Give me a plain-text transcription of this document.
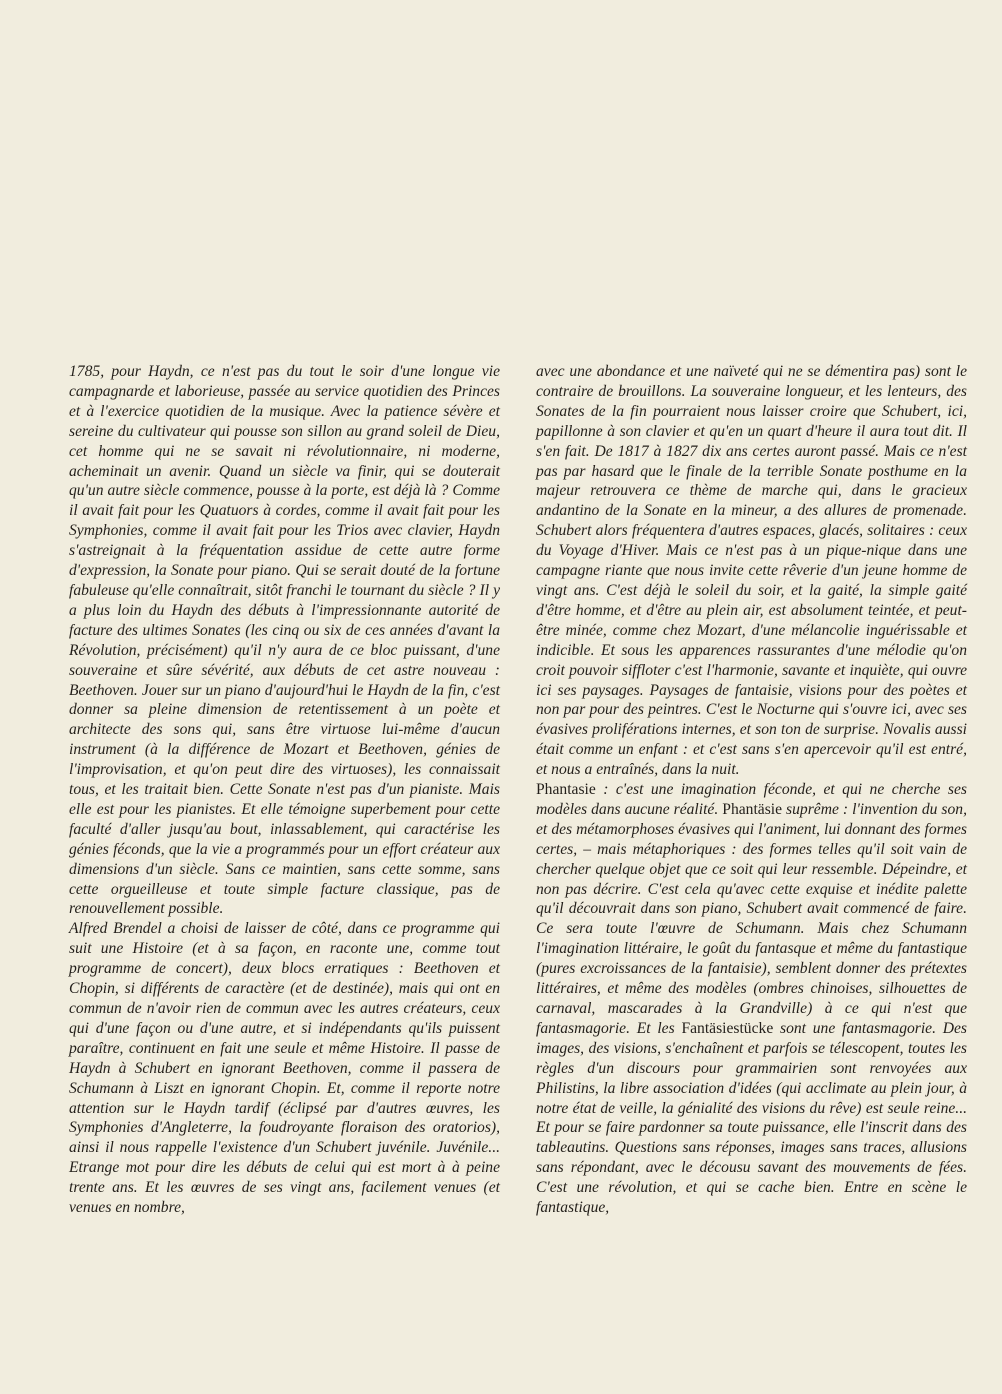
1785, pour Haydn, ce n'est pas du tout le soir d'une longue vie campagnarde et laborieuse, passée au service quotidien des Princes et à l'exercice quotidien de la musique. Avec la patience sévère et sereine du cultivateur qui pousse son sillon au grand soleil de Dieu, cet homme qui ne se savait ni révolutionnaire, ni moderne, acheminait un avenir. Quand un siècle va finir, qui se douterait qu'un autre siècle commence, pousse à la porte, est déjà là ? Comme il avait fait pour les Quatuors à cordes, comme il avait fait pour les Symphonies, comme il avait fait pour les Trios avec clavier, Haydn s'astreignait à la fréquentation assidue de cette autre forme d'expression, la Sonate pour piano. Qui se serait douté de la fortune fabuleuse qu'elle connaîtrait, sitôt franchi le tournant du siècle ? Il y a plus loin du Haydn des débuts à l'impressionnante autorité de facture des ultimes Sonates (les cinq ou six de ces années d'avant la Révolution, précisément) qu'il n'y aura de ce bloc puissant, d'une souveraine et sûre sévérité, aux débuts de cet astre nouveau : Beethoven. Jouer sur un piano d'aujourd'hui le Haydn de la fin, c'est donner sa pleine dimension de retentissement à un poète et architecte des sons qui, sans être virtuose lui-même d'aucun instrument (à la différence de Mozart et Beethoven, génies de l'improvisation, et qu'on peut dire des virtuoses), les connaissait tous, et les traitait bien. Cette Sonate n'est pas d'un pianiste. Mais elle est pour les pianistes. Et elle témoigne superbement pour cette faculté d'aller jusqu'au bout, inlassablement, qui caractérise les génies féconds, que la vie a programmés pour un effort créateur aux dimensions d'un siècle. Sans ce maintien, sans cette somme, sans cette orgueilleuse et toute simple facture classique, pas de renouvellement possible.

Alfred Brendel a choisi de laisser de côté, dans ce programme qui suit une Histoire (et à sa façon, en raconte une, comme tout programme de concert), deux blocs erratiques : Beethoven et Chopin, si différents de caractère (et de destinée), mais qui ont en commun de n'avoir rien de commun avec les autres créateurs, ceux qui d'une façon ou d'une autre, et si indépendants qu'ils puissent paraître, continuent en fait une seule et même Histoire. Il passe de Haydn à Schubert en ignorant Beethoven, comme il passera de Schumann à Liszt en ignorant Chopin. Et, comme il reporte notre attention sur le Haydn tardif (éclipsé par d'autres œuvres, les Symphonies d'Angleterre, la foudroyante floraison des oratorios), ainsi il nous rappelle l'existence d'un Schubert juvénile. Juvénile... Etrange mot pour dire les débuts de celui qui est mort à à peine trente ans. Et les œuvres de ses vingt ans, facilement venues (et venues en nombre,

avec une abondance et une naïveté qui ne se démentira pas) sont le contraire de brouillons. La souveraine longueur, et les lenteurs, des Sonates de la fin pourraient nous laisser croire que Schubert, ici, papillonne à son clavier et qu'en un quart d'heure il aura tout dit. Il s'en fait. De 1817 à 1827 dix ans certes auront passé. Mais ce n'est pas par hasard que le finale de la terrible Sonate posthume en la majeur retrouvera ce thème de marche qui, dans le gracieux andantino de la Sonate en la mineur, a des allures de promenade. Schubert alors fréquentera d'autres espaces, glacés, solitaires : ceux du Voyage d'Hiver. Mais ce n'est pas à un pique-nique dans une campagne riante que nous invite cette rêverie d'un jeune homme de vingt ans. C'est déjà le soleil du soir, et la gaité, la simple gaité d'être homme, et d'être au plein air, est absolument teintée, et peut-être minée, comme chez Mozart, d'une mélancolie inguérissable et indicible. Et sous les apparences rassurantes d'une mélodie qu'on croit pouvoir siffloter c'est l'harmonie, savante et inquiète, qui ouvre ici ses paysages. Paysages de fantaisie, visions pour des poètes et non par pour des peintres. C'est le Nocturne qui s'ouvre ici, avec ses évasives proliférations internes, et son ton de surprise. Novalis aussi était comme un enfant : et c'est sans s'en apercevoir qu'il est entré, et nous a entraînés, dans la nuit.

Phantasie : c'est une imagination féconde, et qui ne cherche ses modèles dans aucune réalité. Phantäsie suprême : l'invention du son, et des métamorphoses évasives qui l'animent, lui donnant des formes certes, – mais métaphoriques : des formes telles qu'il soit vain de chercher quelque objet que ce soit qui leur ressemble. Dépeindre, et non pas décrire. C'est cela qu'avec cette exquise et inédite palette qu'il découvrait dans son piano, Schubert avait commencé de faire. Ce sera toute l'œuvre de Schumann. Mais chez Schumann l'imagination littéraire, le goût du fantasque et même du fantastique (pures excroissances de la fantaisie), semblent donner des prétextes littéraires, et même des modèles (ombres chinoises, silhouettes de carnaval, mascarades à la Grandville) à ce qui n'est que fantasmagorie. Et les Fantäsiestücke sont une fantasmagorie. Des images, des visions, s'enchaînent et parfois se télescopent, toutes les règles d'un discours pour grammairien sont renvoyées aux Philistins, la libre association d'idées (qui acclimate au plein jour, à notre état de veille, la génialité des visions du rêve) est seule reine... Et pour se faire pardonner sa toute puissance, elle l'inscrit dans des tableautins. Questions sans réponses, images sans traces, allusions sans répondant, avec le décousu savant des mouvements de fées. C'est une révolution, et qui se cache bien. Entre en scène le fantastique,
